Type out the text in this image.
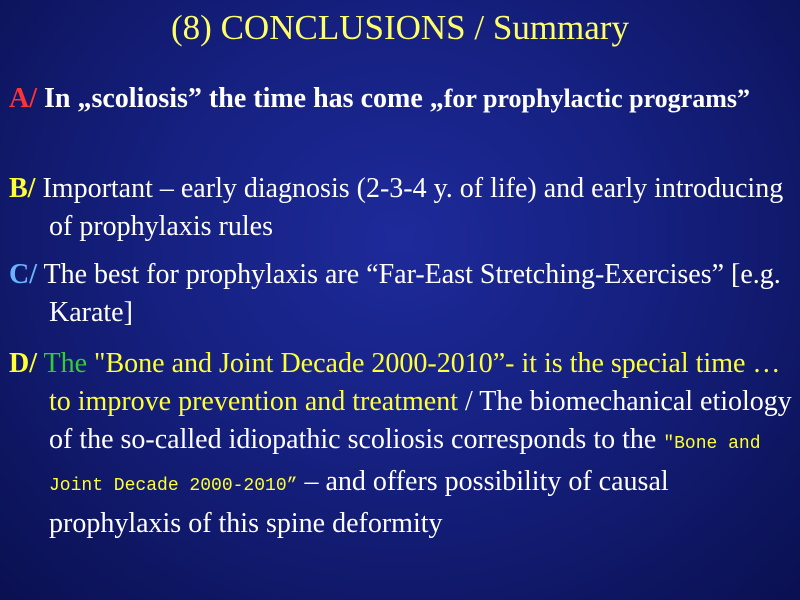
(8) CONCLUSIONS / Summary
A/ In „scoliosis” the time has come „for prophylactic programs”
B/ Important – early diagnosis (2-3-4 y. of life) and early introducing of prophylaxis rules
C/ The best for prophylaxis are “Far-East Stretching-Exercises” [e.g. Karate]
D/ The "Bone and Joint Decade 2000-2010”- it is the special time … to improve prevention and treatment / The biomechanical etiology of the so-called idiopathic scoliosis corresponds to the "Bone and Joint Decade 2000-2010” – and offers possibility of causal prophylaxis of this spine deformity
